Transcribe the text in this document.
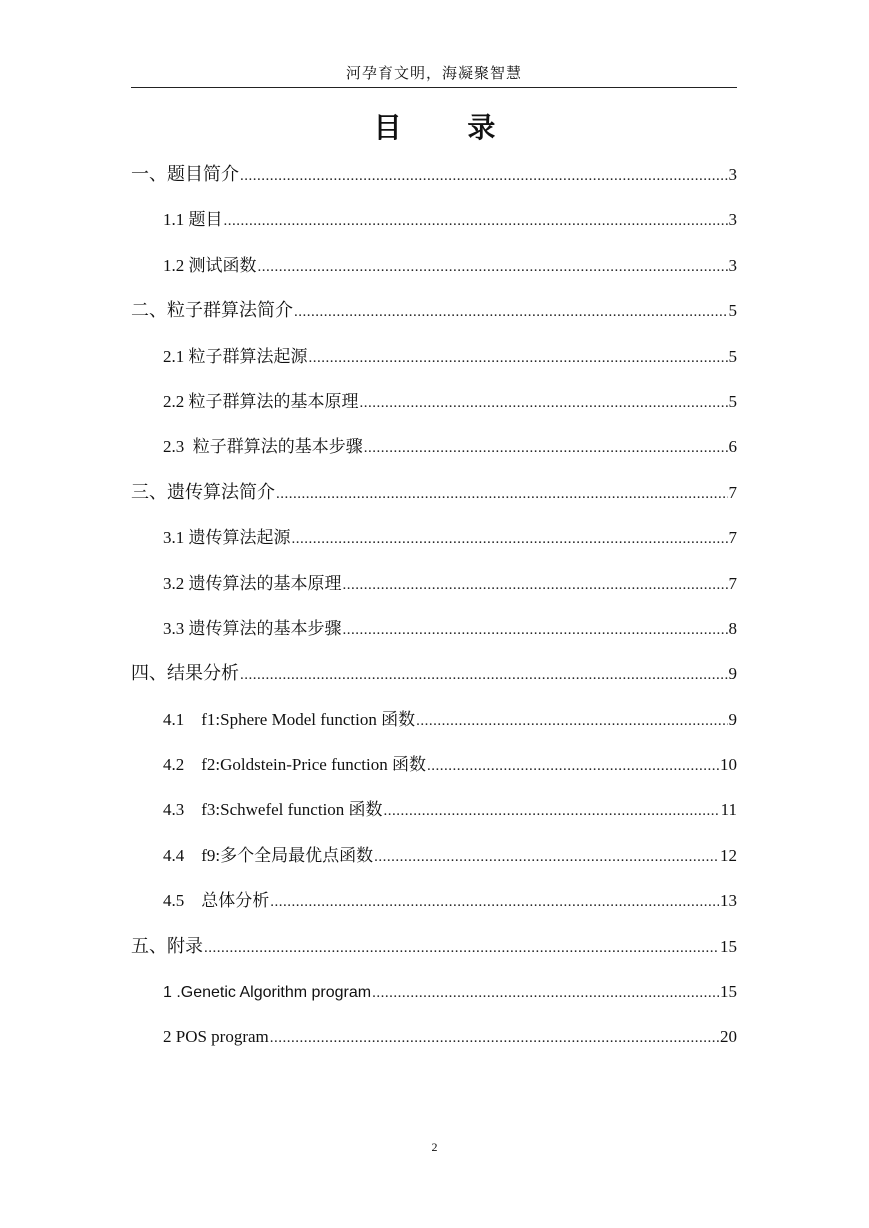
河孕育文明，海凝聚智慧
目 录
一、题目简介 .....	3
1.1 题目 .....	3
1.2 测试函数 .....	3
二、粒子群算法简介 .....	5
2.1 粒子群算法起源 .....	5
2.2 粒子群算法的基本原理 .....	5
2.3  粒子群算法的基本步骤 .....	6
三、遗传算法简介 .....	7
3.1 遗传算法起源 .....	7
3.2 遗传算法的基本原理 .....	7
3.3 遗传算法的基本步骤 .....	8
四、结果分析 .....	9
4.1    f1:Sphere Model function 函数 .....	9
4.2    f2:Goldstein-Price function 函数 .....	10
4.3    f3:Schwefel function 函数 .....	11
4.4    f9:多个全局最优点函数 .....	12
4.5    总体分析 .....	13
五、附录 .....	15
1 .Genetic Algorithm program .....	15
2 POS program .....	20
2
